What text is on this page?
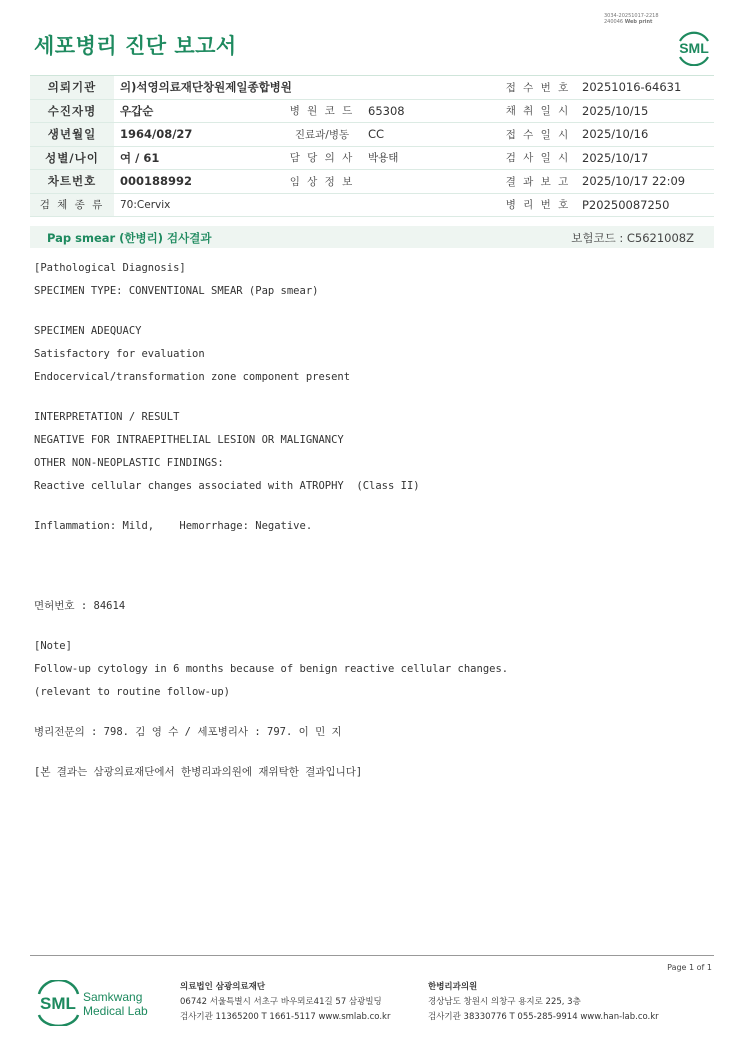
3034-20251017-2218
240046 Web print
세포병리 진단 보고서	SML
의뢰기관	의)석영의료재단창원제일종합병원			접 수 번 호	20251016-64631
수진자명	우갑순	병 원 코 드	65308	채 취 일 시	2025/10/15
생년월일	1964/08/27	진료과/병동	CC	접 수 일 시	2025/10/16
성별/나이	여 / 61	담 당 의 사	박용태	검 사 일 시	2025/10/17
차트번호	000188992	임 상 정 보		결 과 보 고	2025/10/17 22:09
검 체 종 류	70:Cervix			병 리 번 호	P20250087250
Pap smear (한병리) 검사결과	보험코드 : C5621008Z
[Pathological Diagnosis]
SPECIMEN TYPE: CONVENTIONAL SMEAR (Pap smear)
SPECIMEN ADEQUACY
Satisfactory for evaluation
Endocervical/transformation zone component present
INTERPRETATION / RESULT
NEGATIVE FOR INTRAEPITHELIAL LESION OR MALIGNANCY
OTHER NON-NEOPLASTIC FINDINGS:
Reactive cellular changes associated with ATROPHY  (Class II)
Inflammation: Mild,    Hemorrhage: Negative.
면허번호 : 84614
[Note]
Follow-up cytology in 6 months because of benign reactive cellular changes.
(relevant to routine follow-up)
병리전문의 : 798. 김 영 수 / 세포병리사 : 797. 이 민 지
[본 결과는 삼광의료재단에서 한병리과의원에 재위탁한 결과입니다]
Page 1 of 1
SML Samkwang
Medical Lab
의료법인 삼광의료재단
06742 서울특별시 서초구 바우뫼로41길 57 삼광빌딩
검사기관 11365200 T 1661-5117 www.smlab.co.kr
한병리과의원
경상남도 창원시 의창구 용지로 225, 3층
검사기관 38330776 T 055-285-9914 www.han-lab.co.kr
